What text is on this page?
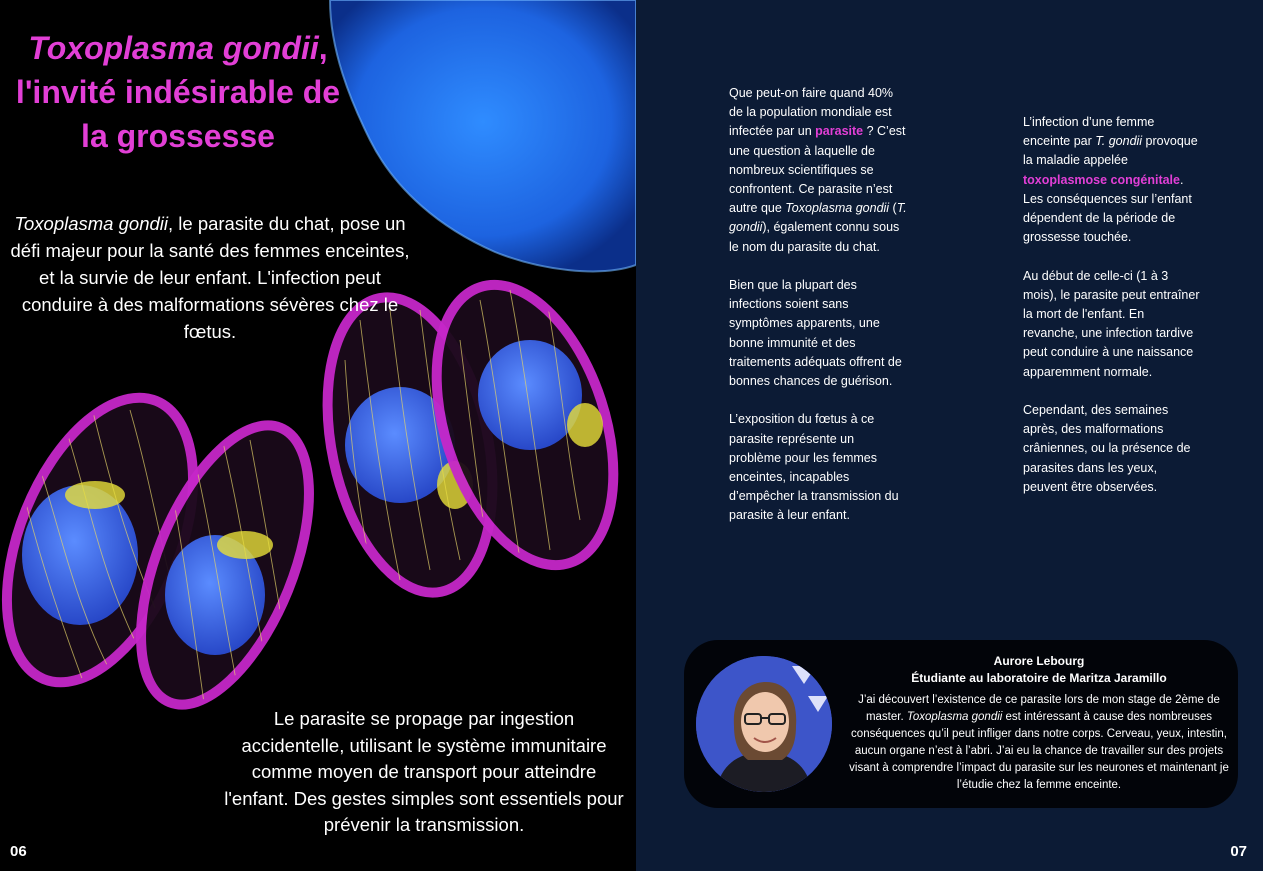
Toxoplasma gondii, l'invité indésirable de la grossesse
Toxoplasma gondii, le parasite du chat, pose un défi majeur pour la santé des femmes enceintes, et la survie de leur enfant. L'infection peut conduire à des malformations sévères chez le fœtus.
Le parasite se propage par ingestion accidentelle, utilisant le système immunitaire comme moyen de transport pour atteindre l'enfant. Des gestes simples sont essentiels pour prévenir la transmission.
06

Que peut-on faire quand 40% de la population mondiale est infectée par un parasite ? C’est une question à laquelle de nombreux scientifiques se confrontent. Ce parasite n’est autre que Toxoplasma gondii (T. gondii), également connu sous le nom du parasite du chat.

Bien que la plupart des infections soient sans symptômes apparents, une bonne immunité et des traitements adéquats offrent de bonnes chances de guérison.

L’exposition du fœtus à ce parasite représente un problème pour les femmes enceintes, incapables d’empêcher la transmission du parasite à leur enfant.

L’infection d’une femme enceinte par T. gondii provoque la maladie appelée toxoplasmose congénitale. Les conséquences sur l’enfant dépendent de la période de grossesse touchée.

Au début de celle-ci (1 à 3 mois), le parasite peut entraîner la mort de l'enfant. En revanche, une infection tardive peut conduire à une naissance apparemment normale.

Cependant, des semaines après, des malformations crâniennes, ou la présence de parasites dans les yeux, peuvent être observées.

Aurore Lebourg
Étudiante au laboratoire de Maritza Jaramillo
J’ai découvert l’existence de ce parasite lors de mon stage de 2ème de master. Toxoplasma gondii est intéressant à cause des nombreuses conséquences qu’il peut infliger dans notre corps. Cerveau, yeux, intestin, aucun organe n’est à l’abri. J’ai eu la chance de travailler sur des projets visant à comprendre l’impact du parasite sur les neurones et maintenant je l’étudie chez la femme enceinte.
07
